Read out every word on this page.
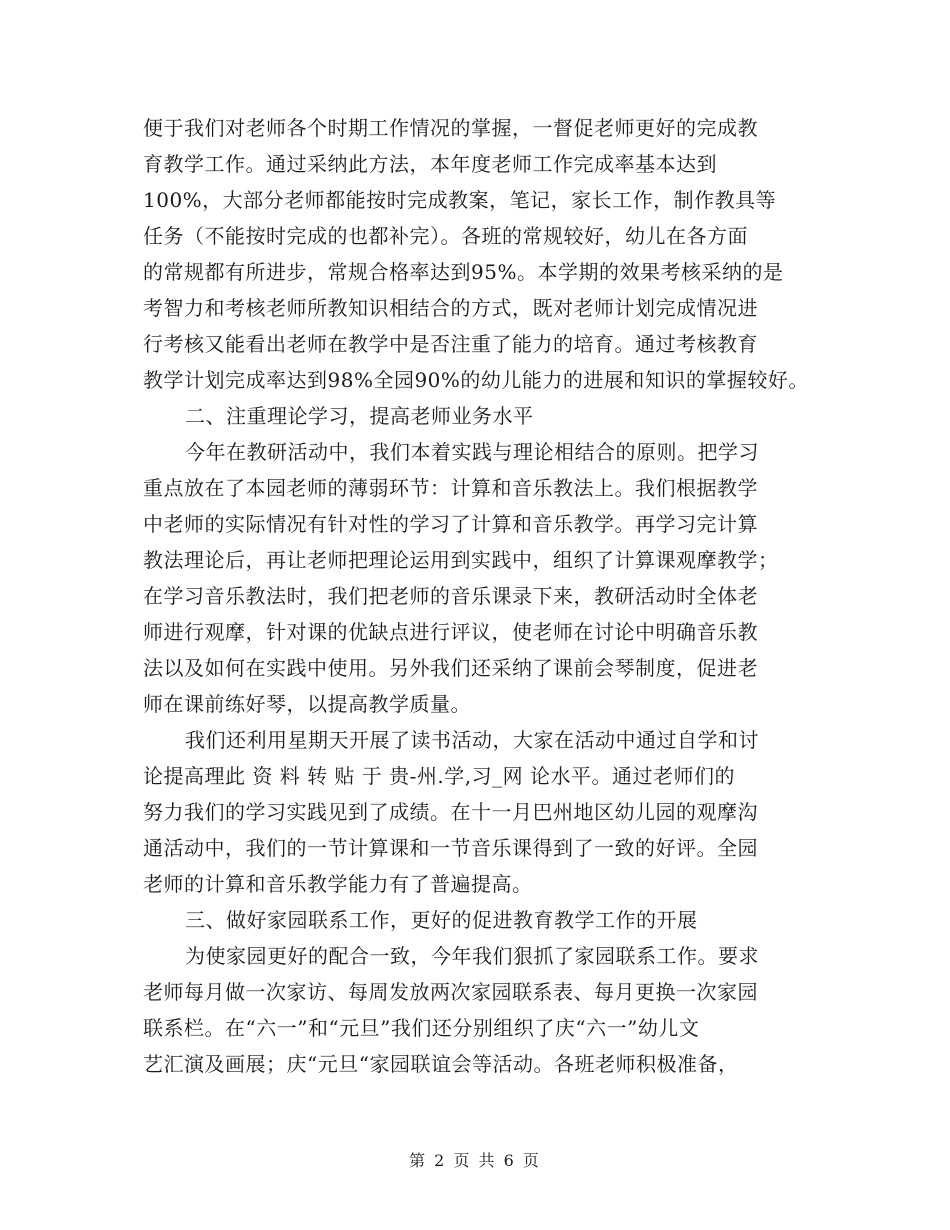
便于我们对老师各个时期工作情况的掌握，一督促老师更好的完成教
育教学工作。通过采纳此方法，本年度老师工作完成率基本达到
100%，大部分老师都能按时完成教案，笔记，家长工作，制作教具等
任务（不能按时完成的也都补完）。各班的常规较好，幼儿在各方面
的常规都有所进步，常规合格率达到95%。本学期的效果考核采纳的是
考智力和考核老师所教知识相结合的方式，既对老师计划完成情况进
行考核又能看出老师在教学中是否注重了能力的培育。通过考核教育
教学计划完成率达到98%全园90%的幼儿能力的进展和知识的掌握较好。
二、注重理论学习，提高老师业务水平
今年在教研活动中，我们本着实践与理论相结合的原则。把学习
重点放在了本园老师的薄弱环节：计算和音乐教法上。我们根据教学
中老师的实际情况有针对性的学习了计算和音乐教学。再学习完计算
教法理论后，再让老师把理论运用到实践中，组织了计算课观摩教学；
在学习音乐教法时，我们把老师的音乐课录下来，教研活动时全体老
师进行观摩，针对课的优缺点进行评议，使老师在讨论中明确音乐教
法以及如何在实践中使用。另外我们还采纳了课前会琴制度，促进老
师在课前练好琴，以提高教学质量。
我们还利用星期天开展了读书活动，大家在活动中通过自学和讨
论提高理此 资 料 转 贴 于 贵-州.学,习_网 论水平。通过老师们的
努力我们的学习实践见到了成绩。在十一月巴州地区幼儿园的观摩沟
通活动中，我们的一节计算课和一节音乐课得到了一致的好评。全园
老师的计算和音乐教学能力有了普遍提高。
三、做好家园联系工作，更好的促进教育教学工作的开展
为使家园更好的配合一致，今年我们狠抓了家园联系工作。要求
老师每月做一次家访、每周发放两次家园联系表、每月更换一次家园
联系栏。在“六一”和“元旦”我们还分别组织了庆“六一”幼儿文
艺汇演及画展；庆“元旦“家园联谊会等活动。各班老师积极准备，
第 2 页 共 6 页
